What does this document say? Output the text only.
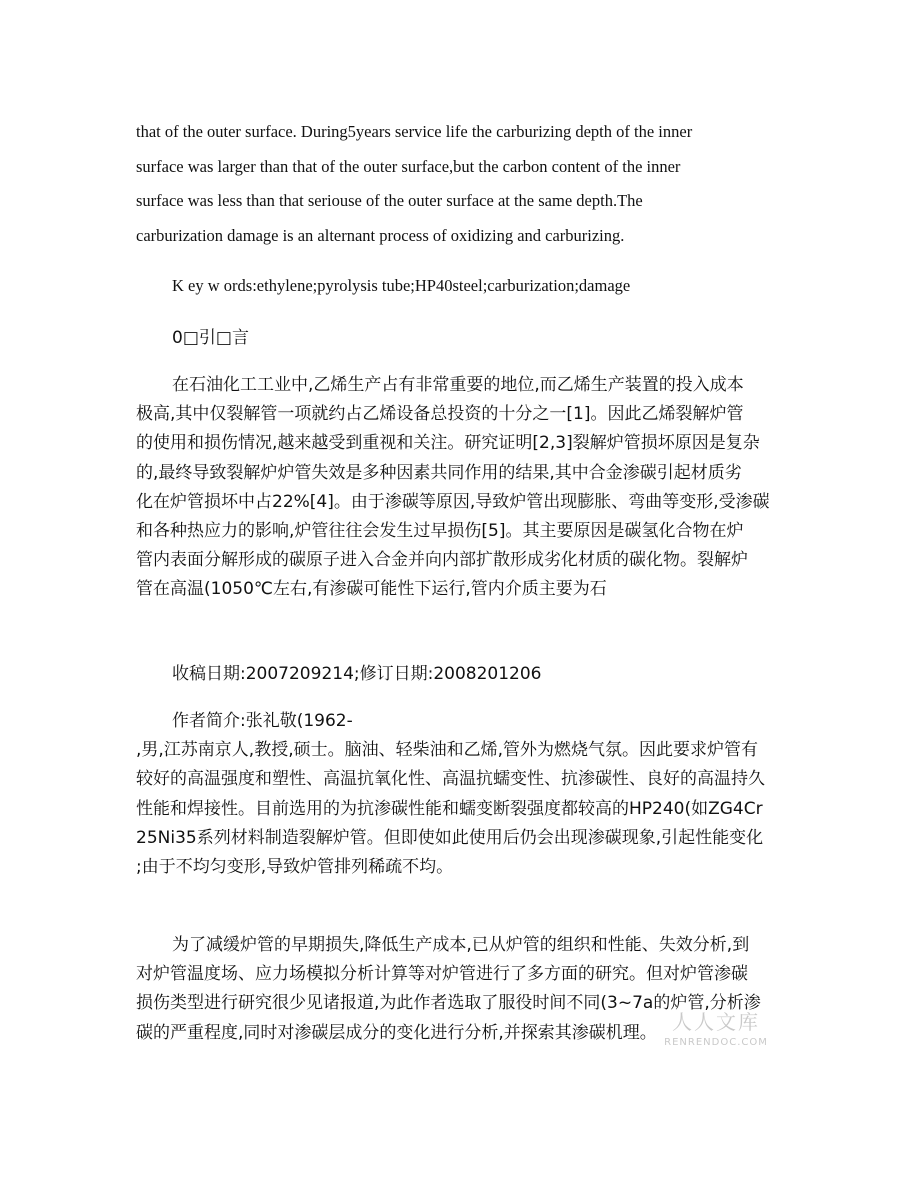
that of the outer surface. During5years service life the carburizing depth of the inner
surface was larger than that of the outer surface,but the carbon content of the inner
surface was less than that seriouse of the outer surface at the same depth.The
carburization damage is an alternant process of oxidizing and carburizing.
K ey w ords:ethylene;pyrolysis tube;HP40steel;carburization;damage
0□引□言
在石油化工工业中,乙烯生产占有非常重要的地位,而乙烯生产装置的投入成本
极高,其中仅裂解管一项就约占乙烯设备总投资的十分之一[1]。因此乙烯裂解炉管
的使用和损伤情况,越来越受到重视和关注。研究证明[2,3]裂解炉管损坏原因是复杂
的,最终导致裂解炉炉管失效是多种因素共同作用的结果,其中合金渗碳引起材质劣
化在炉管损坏中占22%[4]。由于渗碳等原因,导致炉管出现膨胀、弯曲等变形,受渗碳
和各种热应力的影响,炉管往往会发生过早损伤[5]。其主要原因是碳氢化合物在炉
管内表面分解形成的碳原子进入合金并向内部扩散形成劣化材质的碳化物。裂解炉
管在高温(1050℃左右,有渗碳可能性下运行,管内介质主要为石
收稿日期:2007209214;修订日期:2008201206
作者简介:张礼敬(1962-
,男,江苏南京人,教授,硕士。脑油、轻柴油和乙烯,管外为燃烧气氛。因此要求炉管有
较好的高温强度和塑性、高温抗氧化性、高温抗蠕变性、抗渗碳性、良好的高温持久
性能和焊接性。目前选用的为抗渗碳性能和蠕变断裂强度都较高的HP240(如ZG4Cr
25Ni35系列材料制造裂解炉管。但即使如此使用后仍会出现渗碳现象,引起性能变化
;由于不均匀变形,导致炉管排列稀疏不均。
为了减缓炉管的早期损失,降低生产成本,已从炉管的组织和性能、失效分析,到
对炉管温度场、应力场模拟分析计算等对炉管进行了多方面的研究。但对炉管渗碳
损伤类型进行研究很少见诸报道,为此作者选取了服役时间不同(3~7a的炉管,分析渗
碳的严重程度,同时对渗碳层成分的变化进行分析,并探索其渗碳机理。 人人文库
RENRENDOC.COM
